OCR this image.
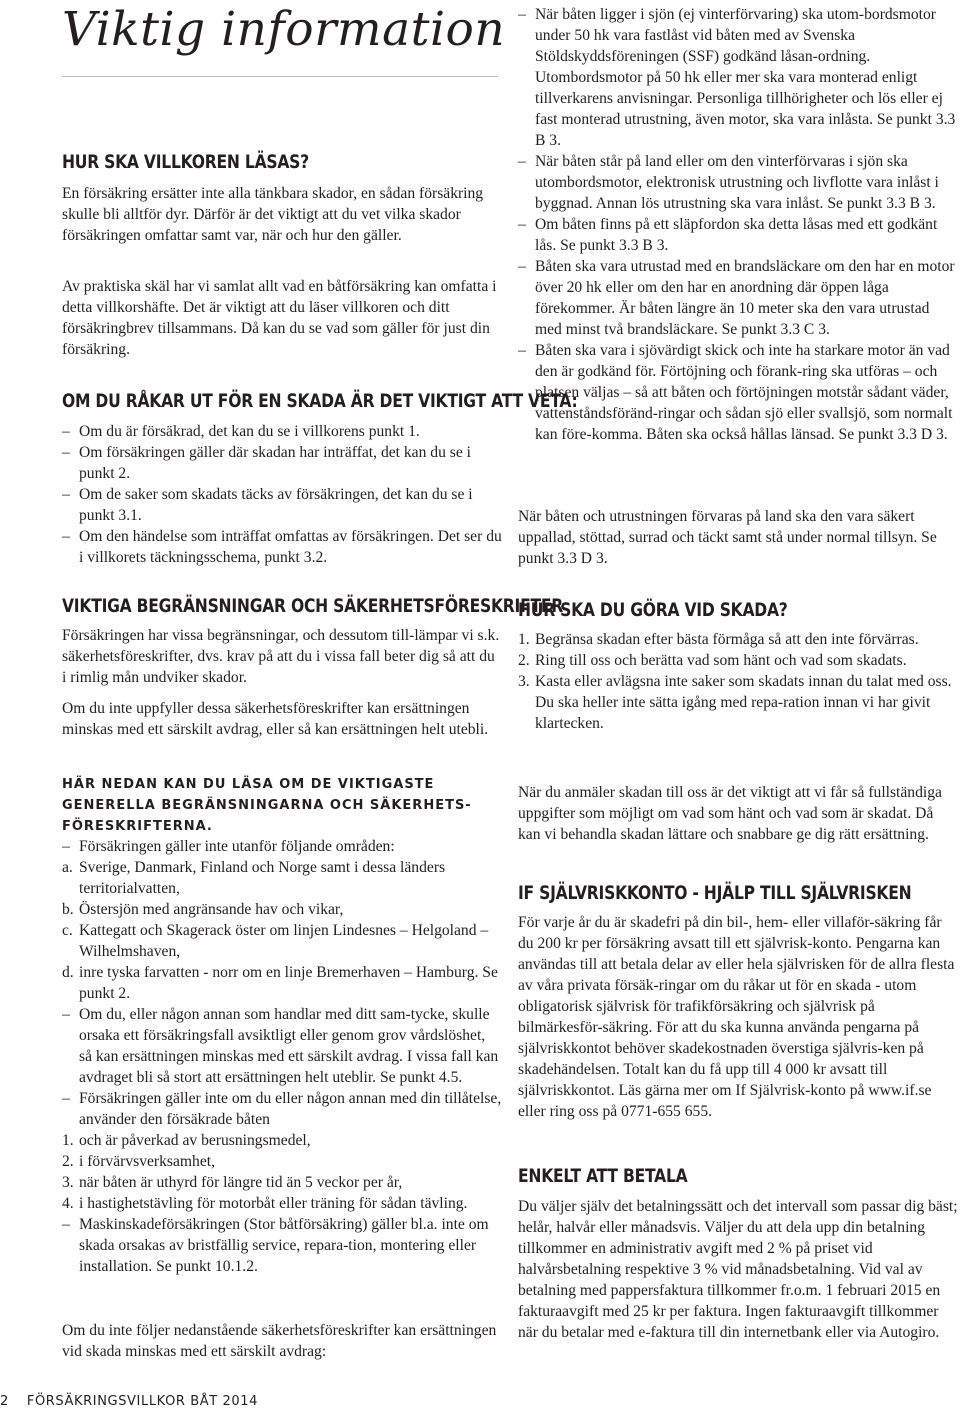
Viktig information
HUR SKA VILLKOREN LÄSAS?

En försäkring ersätter inte alla tänkbara skador, en sådan försäkring skulle bli alltför dyr. Därför är det viktigt att du vet vilka skador försäkringen omfattar samt var, när och hur den gäller.

Av praktiska skäl har vi samlat allt vad en båtförsäkring kan omfatta i detta villkorshäfte. Det är viktigt att du läser villkoren och ditt försäkringbrev tillsammans. Då kan du se vad som gäller för just din försäkring.

OM DU RÅKAR UT FÖR EN SKADA ÄR DET VIKTIGT ATT VETA:
– Om du är försäkrad, det kan du se i villkorens punkt 1.
– Om försäkringen gäller där skadan har inträffat, det kan du se i punkt 2.
– Om de saker som skadats täcks av försäkringen, det kan du se i punkt 3.1.
– Om den händelse som inträffat omfattas av försäkringen. Det ser du i villkorets täckningsschema, punkt 3.2.
VIKTIGA BEGRÄNSNINGAR OCH SÄKERHETSFÖRESKRIFTER

Försäkringen har vissa begränsningar, och dessutom till-lämpar vi s.k. säkerhetsföreskrifter, dvs. krav på att du i vissa fall beter dig så att du i rimlig mån undviker skador.

Om du inte uppfyller dessa säkerhetsföreskrifter kan ersättningen minskas med ett särskilt avdrag, eller så kan ersättningen helt utebli.

HÄR NEDAN KAN DU LÄSA OM DE VIKTIGASTE GENERELLA BEGRÄNSNINGARNA OCH SÄKERHETS-FÖRESKRIFTERNA.
– Försäkringen gäller inte utanför följande områden:
a. Sverige, Danmark, Finland och Norge samt i dessa länders territorialvatten,
b. Östersjön med angränsande hav och vikar,
c. Kattegatt och Skagerack öster om linjen Lindesnes – Helgoland – Wilhelmshaven,
d. inre tyska farvatten - norr om en linje Bremerhaven – Hamburg. Se punkt 2.
– Om du, eller någon annan som handlar med ditt sam-tycke, skulle orsaka ett försäkringsfall avsiktligt eller genom grov vårdslöshet, så kan ersättningen minskas med ett särskilt avdrag. I vissa fall kan avdraget bli så stort att ersättningen helt uteblir. Se punkt 4.5.
– Försäkringen gäller inte om du eller någon annan med din tillåtelse, använder den försäkrade båten
1. och är påverkad av berusningsmedel,
2. i förvärvsverksamhet,
3. när båten är uthyrd för längre tid än 5 veckor per år,
4. i hastighetstävling för motorbåt eller träning för sådan tävling.
– Maskinskadeförsäkringen (Stor båtförsäkring) gäller bl.a. inte om skada orsakas av bristfällig service, repara-tion, montering eller installation. Se punkt 10.1.2.

Om du inte följer nedanstående säkerhetsföreskrifter kan ersättningen vid skada minskas med ett särskilt avdrag:

– När båten ligger i sjön (ej vinterförvaring) ska utom-bordsmotor under 50 hk vara fastlåst vid båten med av Svenska Stöldskyddsföreningen (SSF) godkänd låsan-ordning. Utombordsmotor på 50 hk eller mer ska vara monterad enligt tillverkarens anvisningar. Personliga tillhörigheter och lös eller ej fast monterad utrustning, även motor, ska vara inlåsta. Se punkt 3.3 B 3.
– När båten står på land eller om den vinterförvaras i sjön ska utombordsmotor, elektronisk utrustning och livflotte vara inlåst i byggnad. Annan lös utrustning ska vara inlåst. Se punkt 3.3 B 3.
– Om båten finns på ett släpfordon ska detta låsas med ett godkänt lås. Se punkt 3.3 B 3.
– Båten ska vara utrustad med en brandsläckare om den har en motor över 20 hk eller om den har en anordning där öppen låga förekommer. Är båten längre än 10 meter ska den vara utrustad med minst två brandsläckare. Se punkt 3.3 C 3.
– Båten ska vara i sjövärdigt skick och inte ha starkare motor än vad den är godkänd för. Förtöjning och förank-ring ska utföras – och platsen väljas – så att båten och förtöjningen motstår sådant väder, vattenståndsföränd-ringar och sådan sjö eller svallsjö, som normalt kan före-komma. Båten ska också hållas länsad. Se punkt 3.3 D 3.

När båten och utrustningen förvaras på land ska den vara säkert uppallad, stöttad, surrad och täckt samt stå under normal tillsyn. Se punkt 3.3 D 3.

HUR SKA DU GÖRA VID SKADA?
1. Begränsa skadan efter bästa förmåga så att den inte förvärras.
2. Ring till oss och berätta vad som hänt och vad som skadats.
3. Kasta eller avlägsna inte saker som skadats innan du talat med oss. Du ska heller inte sätta igång med repa-ration innan vi har givit klartecken.

När du anmäler skadan till oss är det viktigt att vi får så fullständiga uppgifter som möjligt om vad som hänt och vad som är skadat. Då kan vi behandla skadan lättare och snabbare ge dig rätt ersättning.

IF SJÄLVRISKKONTO - HJÄLP TILL SJÄLVRISKEN

För varje år du är skadefri på din bil-, hem- eller villaför-säkring får du 200 kr per försäkring avsatt till ett självrisk-konto. Pengarna kan användas till att betala delar av eller hela självrisken för de allra flesta av våra privata försäk-ringar om du råkar ut för en skada - utom obligatorisk självrisk för trafikförsäkring och självrisk på bilmärkesför-säkring. För att du ska kunna använda pengarna på självriskkontot behöver skadekostnaden överstiga självris-ken på skadehändelsen. Totalt kan du få upp till 4 000 kr avsatt till självriskkontot. Läs gärna mer om If Självrisk-konto på www.if.se eller ring oss på 0771-655 655.

ENKELT ATT BETALA

Du väljer själv det betalningssätt och det intervall som passar dig bäst; helår, halvår eller månadsvis. Väljer du att dela upp din betalning tillkommer en administrativ avgift med 2 % på priset vid halvårsbetalning respektive 3 % vid månadsbetalning. Vid val av betalning med pappersfaktura tillkommer fr.o.m. 1 februari 2015 en fakturaavgift med 25 kr per faktura. Ingen fakturaavgift tillkommer när du betalar med e-faktura till din internetbank eller via Autogiro.

2 FÖRSÄKRINGSVILLKOR BÅT 2014
